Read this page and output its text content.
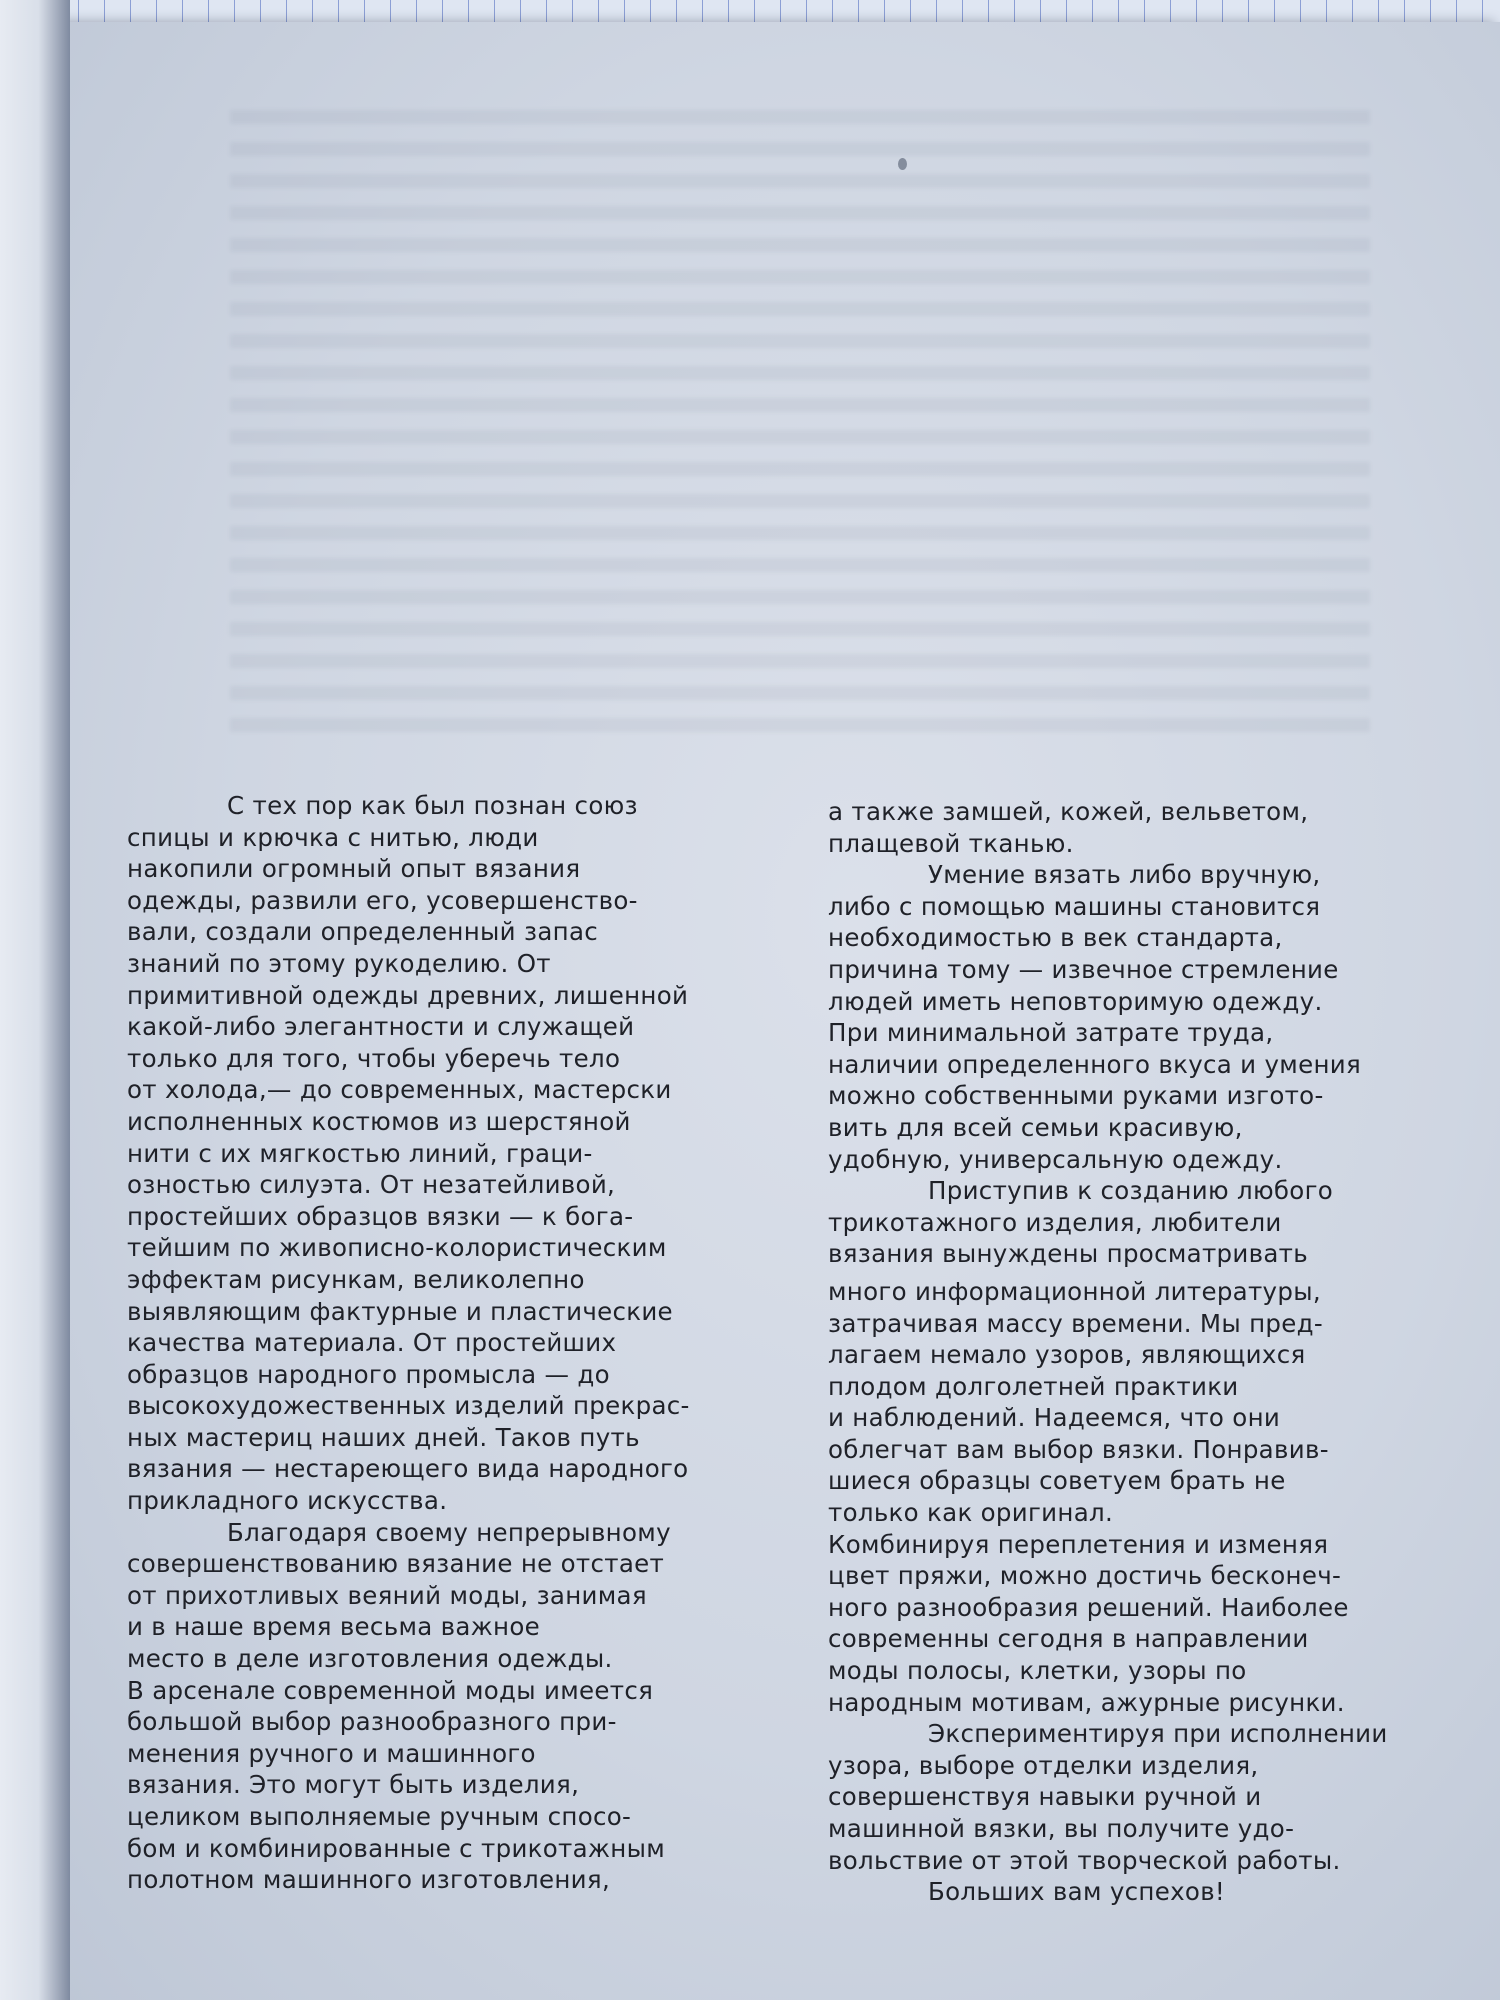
С тех пор как был познан союз
спицы и крючка с нитью, люди
накопили огромный опыт вязания
одежды, развили его, усовершенство-
вали, создали определенный запас
знаний по этому рукоделию. От
примитивной одежды древних, лишенной
какой-либо элегантности и служащей
только для того, чтобы уберечь тело
от холода,— до современных, мастерски
исполненных костюмов из шерстяной
нити с их мягкостью линий, граци-
озностью силуэта. От незатейливой,
простейших образцов вязки — к бога-
тейшим по живописно-колористическим
эффектам рисункам, великолепно
выявляющим фактурные и пластические
качества материала. От простейших
образцов народного промысла — до
высокохудожественных изделий прекрас-
ных мастериц наших дней. Таков путь
вязания — нестареющего вида народного
прикладного искусства.
Благодаря своему непрерывному
совершенствованию вязание не отстает
от прихотливых веяний моды, занимая
и в наше время весьма важное
место в деле изготовления одежды.
В арсенале современной моды имеется
большой выбор разнообразного при-
менения ручного и машинного
вязания. Это могут быть изделия,
целиком выполняемые ручным спосо-
бом и комбинированные с трикотажным
полотном машинного изготовления,
а также замшей, кожей, вельветом,
плащевой тканью.
Умение вязать либо вручную,
либо с помощью машины становится
необходимостью в век стандарта,
причина тому — извечное стремление
людей иметь неповторимую одежду.
При минимальной затрате труда,
наличии определенного вкуса и умения
можно собственными руками изгото-
вить для всей семьи красивую,
удобную, универсальную одежду.
Приступив к созданию любого
трикотажного изделия, любители
вязания вынуждены просматривать
много информационной литературы,
затрачивая массу времени. Мы пред-
лагаем немало узоров, являющихся
плодом долголетней практики
и наблюдений. Надеемся, что они
облегчат вам выбор вязки. Понравив-
шиеся образцы советуем брать не
только как оригинал.
Комбинируя переплетения и изменяя
цвет пряжи, можно достичь бесконеч-
ного разнообразия решений. Наиболее
современны сегодня в направлении
моды полосы, клетки, узоры по
народным мотивам, ажурные рисунки.
Экспериментируя при исполнении
узора, выборе отделки изделия,
совершенствуя навыки ручной и
машинной вязки, вы получите удо-
вольствие от этой творческой работы.
Больших вам успехов!
